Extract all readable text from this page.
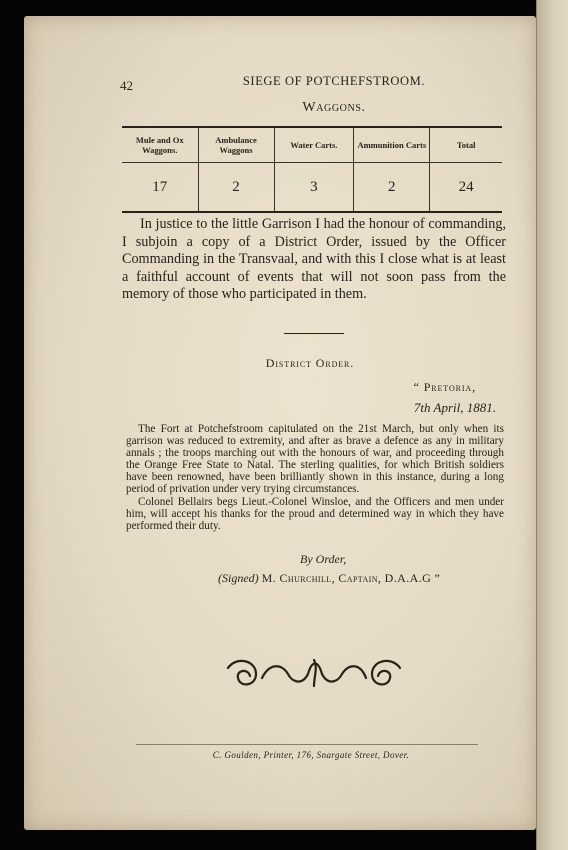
42	SIEGE OF POTCHEFSTROOM.
Waggons.
Mule and Ox Waggons.	Ambulance Waggons	Water Carts.	Ammunition Carts	Total
17	2	3	2	24
In justice to the little Garrison I had the honour of commanding, I subjoin a copy of a District Order, issued by the Officer Commanding in the Transvaal, and with this I close what is at least a faithful account of events that will not soon pass from the memory of those who participated in them.
District Order.
“ Pretoria,
7th April, 1881.

The Fort at Potchefstroom capitulated on the 21st March, but only when its garrison was reduced to extremity, and after as brave a defence as any in military annals ; the troops marching out with the honours of war, and proceeding through the Orange Free State to Natal. The sterling qualities, for which British soldiers have been renowned, have been brilliantly shown in this instance, during a long period of privation under very trying circumstances.

Colonel Bellairs begs Lieut.-Colonel Winsloe, and the Officers and men under him, will accept his thanks for the proud and determined way in which they have performed their duty.

By Order,
(Signed) M. Churchill, Captain, D.A.A.G ”
C. Goulden, Printer, 176, Snargate Street, Dover.
